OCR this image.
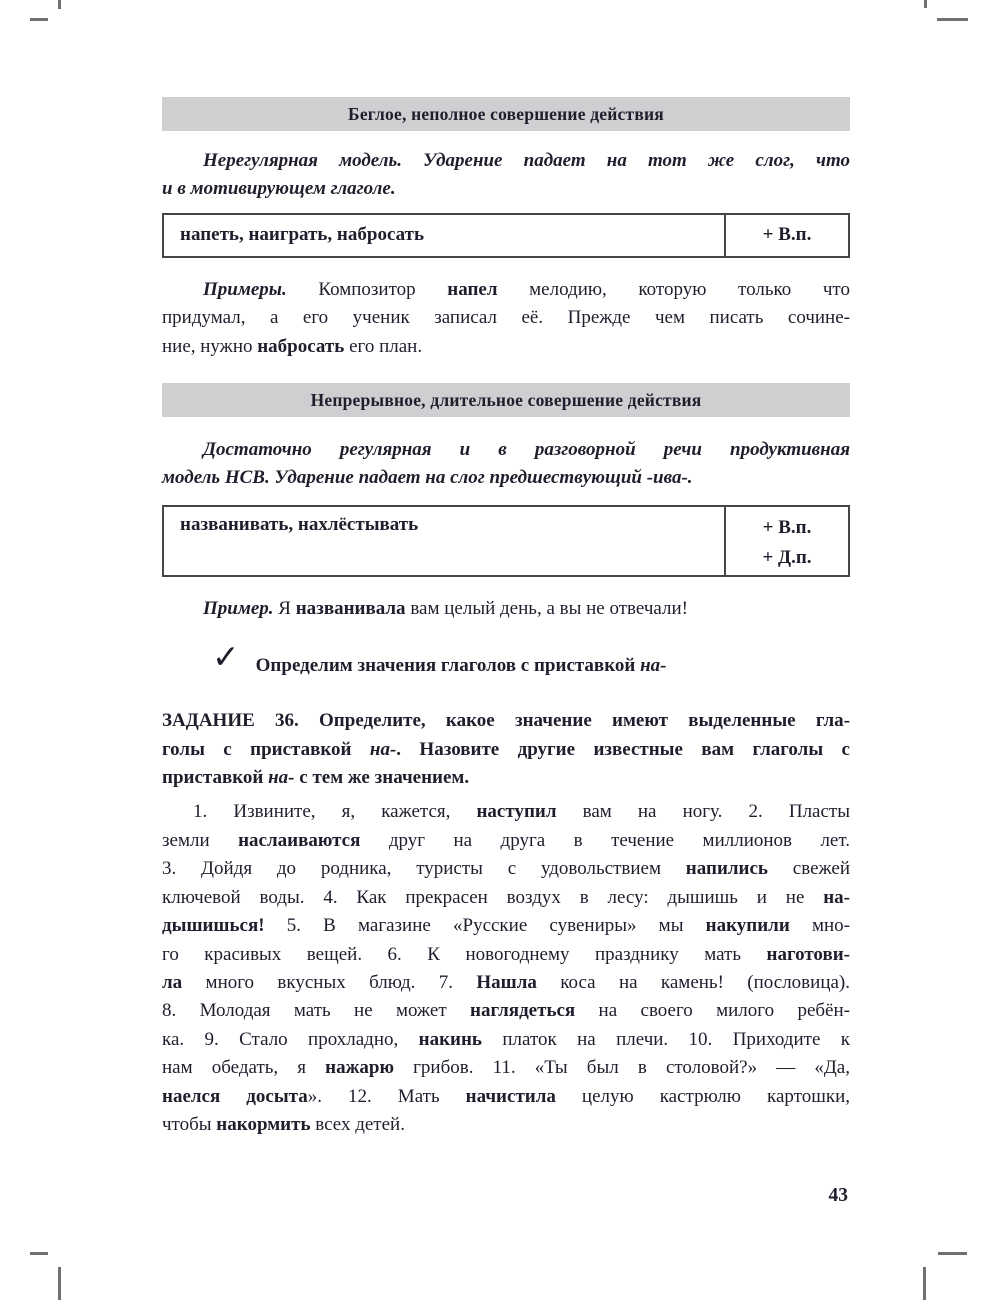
Беглое, неполное совершение действия
Нерегулярная модель. Ударение падает на тот же слог, что
и в мотивирующем глаголе.
напеть, наиграть, набросать	+ В.п.
Примеры. Композитор напел мелодию, которую только что
придумал, а его ученик записал её. Прежде чем писать сочине-
ние, нужно набросать его план.
Непрерывное, длительное совершение действия
Достаточно регулярная и в разговорной речи продуктивная
модель НСВ. Ударение падает на слог предшествующий -ива-.
названивать, нахлёстывать	+ В.п.
+ Д.п.
Пример. Я названивала вам целый день, а вы не отвечали!
✓ Определим значения глаголов с приставкой на-
ЗАДАНИЕ 36. Определите, какое значение имеют выделенные гла-
голы с приставкой на-. Назовите другие известные вам глаголы с
приставкой на- с тем же значением.
1. Извините, я, кажется, наступил вам на ногу. 2. Пласты
земли наслаиваются друг на друга в течение миллионов лет.
3. Дойдя до родника, туристы с удовольствием напились свежей
ключевой воды. 4. Как прекрасен воздух в лесу: дышишь и не на-
дышишься! 5. В магазине «Русские сувениры» мы накупили мно-
го красивых вещей. 6. К новогоднему празднику мать наготови-
ла много вкусных блюд. 7. Нашла коса на камень! (пословица).
8. Молодая мать не может наглядеться на своего милого ребён-
ка. 9. Стало прохладно, накинь платок на плечи. 10. Приходите к
нам обедать, я нажарю грибов. 11. «Ты был в столовой?» — «Да,
наелся досыта». 12. Мать начистила целую кастрюлю картошки,
чтобы накормить всех детей.
43
